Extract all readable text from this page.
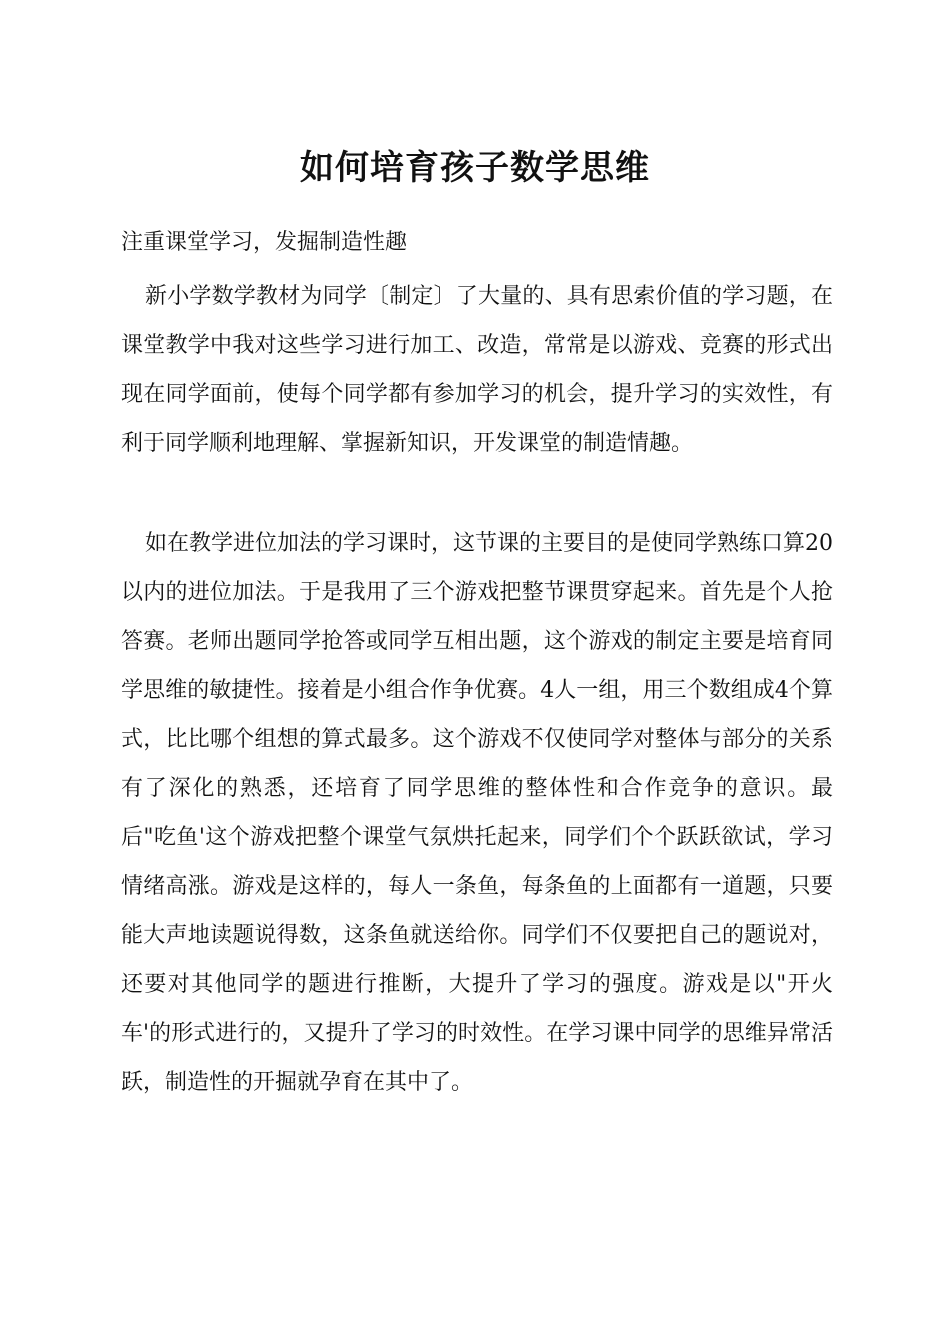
如何培育孩子数学思维
注重课堂学习，发掘制造性趣
新小学数学教材为同学〔制定〕了大量的、具有思索价值的学习题，在课堂教学中我对这些学习进行加工、改造，常常是以游戏、竞赛的形式出现在同学面前，使每个同学都有参加学习的机会，提升学习的实效性，有利于同学顺利地理解、掌握新知识，开发课堂的制造情趣。
如在教学进位加法的学习课时，这节课的主要目的是使同学熟练口算20以内的进位加法。于是我用了三个游戏把整节课贯穿起来。首先是个人抢答赛。老师出题同学抢答或同学互相出题，这个游戏的制定主要是培育同学思维的敏捷性。接着是小组合作争优赛。4人一组，用三个数组成4个算式，比比哪个组想的算式最多。这个游戏不仅使同学对整体与部分的关系有了深化的熟悉，还培育了同学思维的整体性和合作竞争的意识。最后"吃鱼'这个游戏把整个课堂气氛烘托起来，同学们个个跃跃欲试，学习情绪高涨。游戏是这样的，每人一条鱼，每条鱼的上面都有一道题，只要能大声地读题说得数，这条鱼就送给你。同学们不仅要把自己的题说对，还要对其他同学的题进行推断，大提升了学习的强度。游戏是以"开火车'的形式进行的，又提升了学习的时效性。在学习课中同学的思维异常活跃，制造性的开掘就孕育在其中了。
